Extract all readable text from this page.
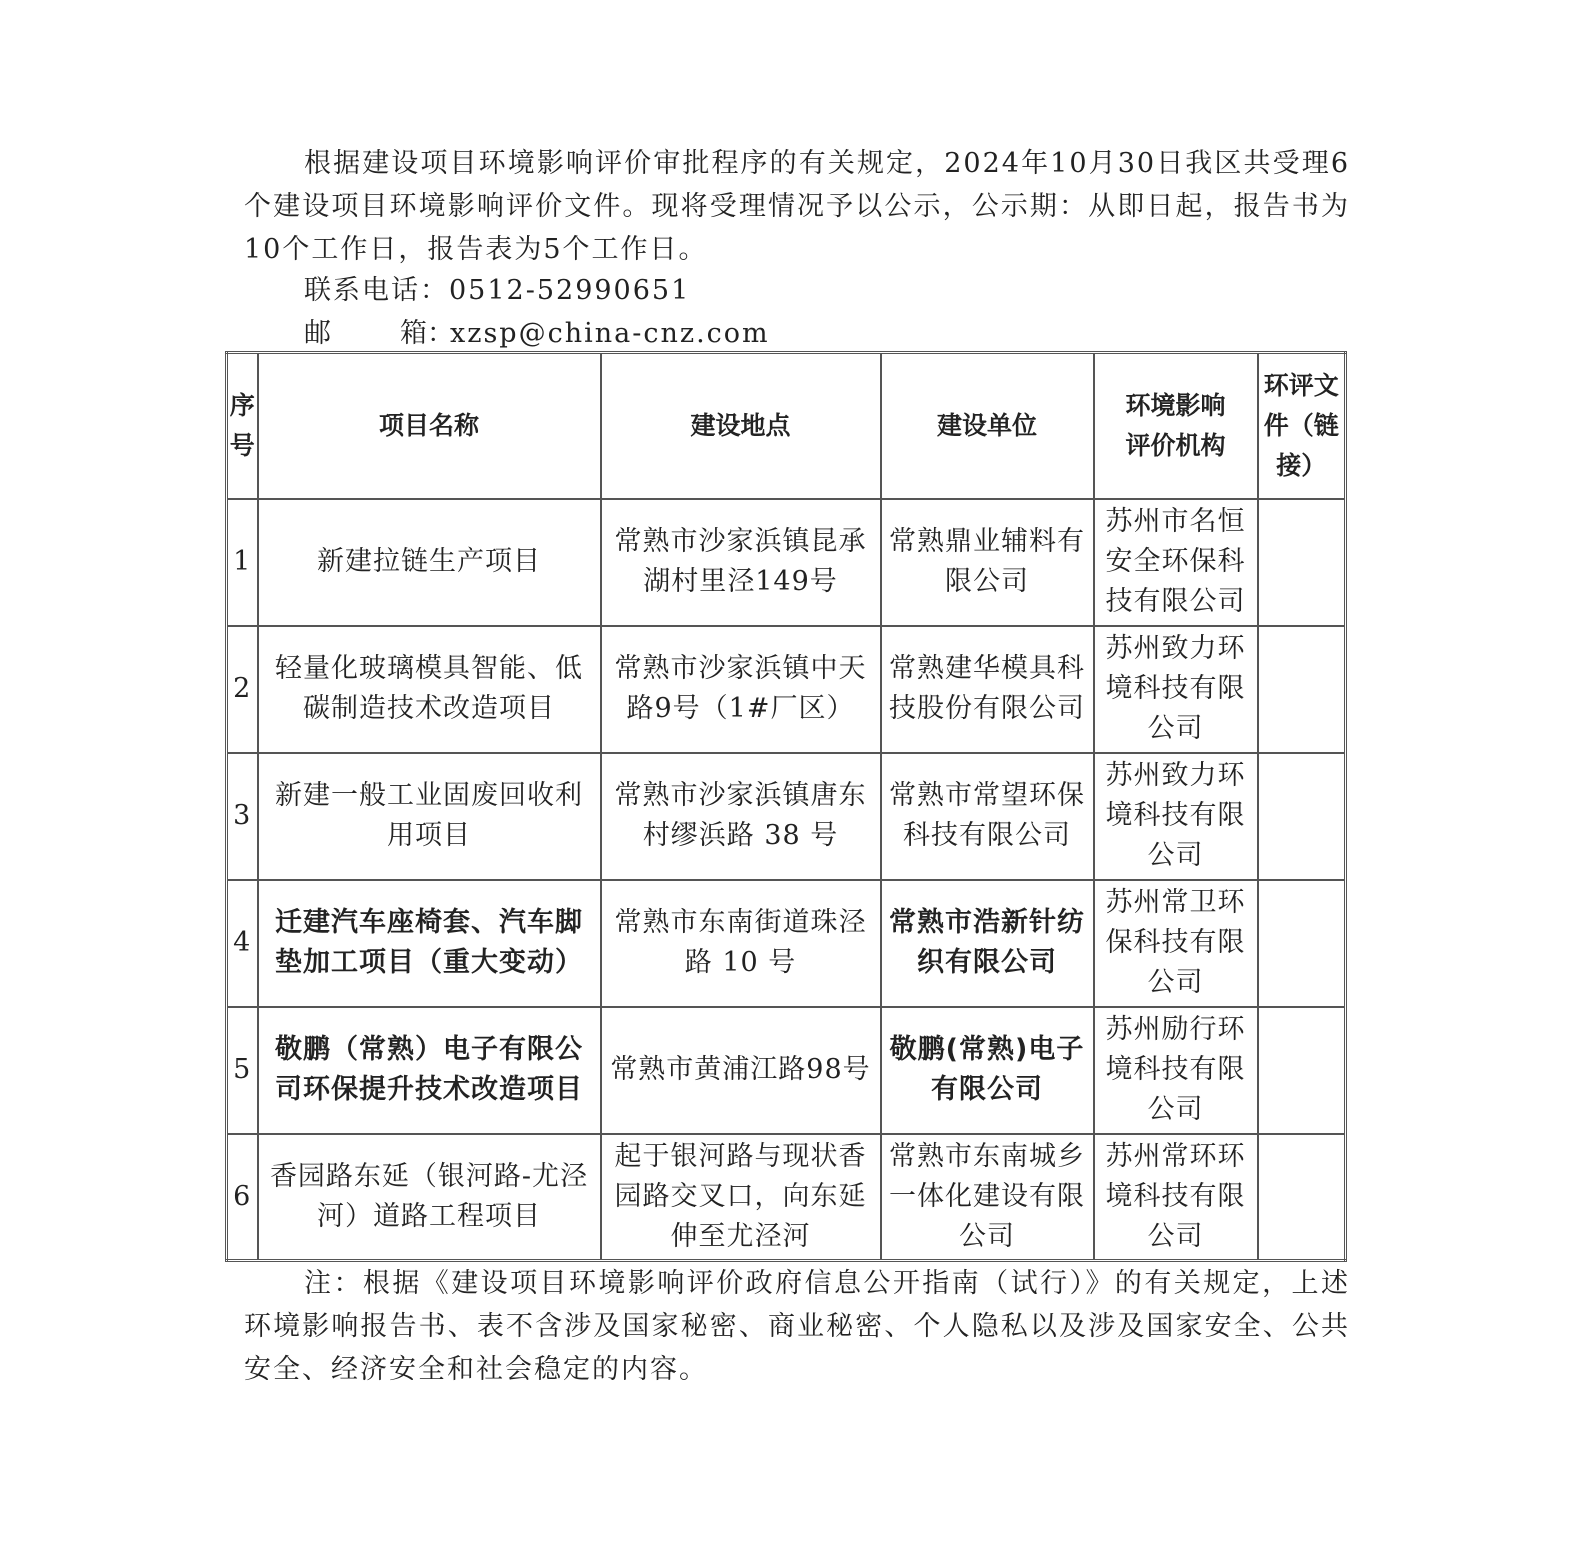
根据建设项目环境影响评价审批程序的有关规定，2024年10月30日我区共受理6个建设项目环境影响评价文件。现将受理情况予以公示，公示期：从即日起，报告书为10个工作日，报告表为5个工作日。

联系电话：0512-52990651
邮	箱：xzsp@china-cnz.com
序号	项目名称	建设地点	建设单位	环境影响评价机构	环评文件（链接）
1	新建拉链生产项目	常熟市沙家浜镇昆承湖村里泾149号	常熟鼎业辅料有限公司	苏州市名恒安全环保科技有限公司	
2	轻量化玻璃模具智能、低碳制造技术改造项目	常熟市沙家浜镇中天路9号（1#厂区）	常熟建华模具科技股份有限公司	苏州致力环境科技有限公司	
3	新建一般工业固废回收利用项目	常熟市沙家浜镇唐东村缪浜路 38 号	常熟市常望环保科技有限公司	苏州致力环境科技有限公司	
4	迁建汽车座椅套、汽车脚垫加工项目（重大变动）	常熟市东南街道珠泾路 10 号	常熟市浩新针纺织有限公司	苏州常卫环保科技有限公司	
5	敬鹏（常熟）电子有限公司环保提升技术改造项目	常熟市黄浦江路98号	敬鹏(常熟)电子有限公司	苏州励行环境科技有限公司	
6	香园路东延（银河路-尤泾河）道路工程项目	起于银河路与现状香园路交叉口，向东延伸至尤泾河	常熟市东南城乡一体化建设有限公司	苏州常环环境科技有限公司	

注：根据《建设项目环境影响评价政府信息公开指南（试行）》的有关规定，上述环境影响报告书、表不含涉及国家秘密、商业秘密、个人隐私以及涉及国家安全、公共安全、经济安全和社会稳定的内容。
